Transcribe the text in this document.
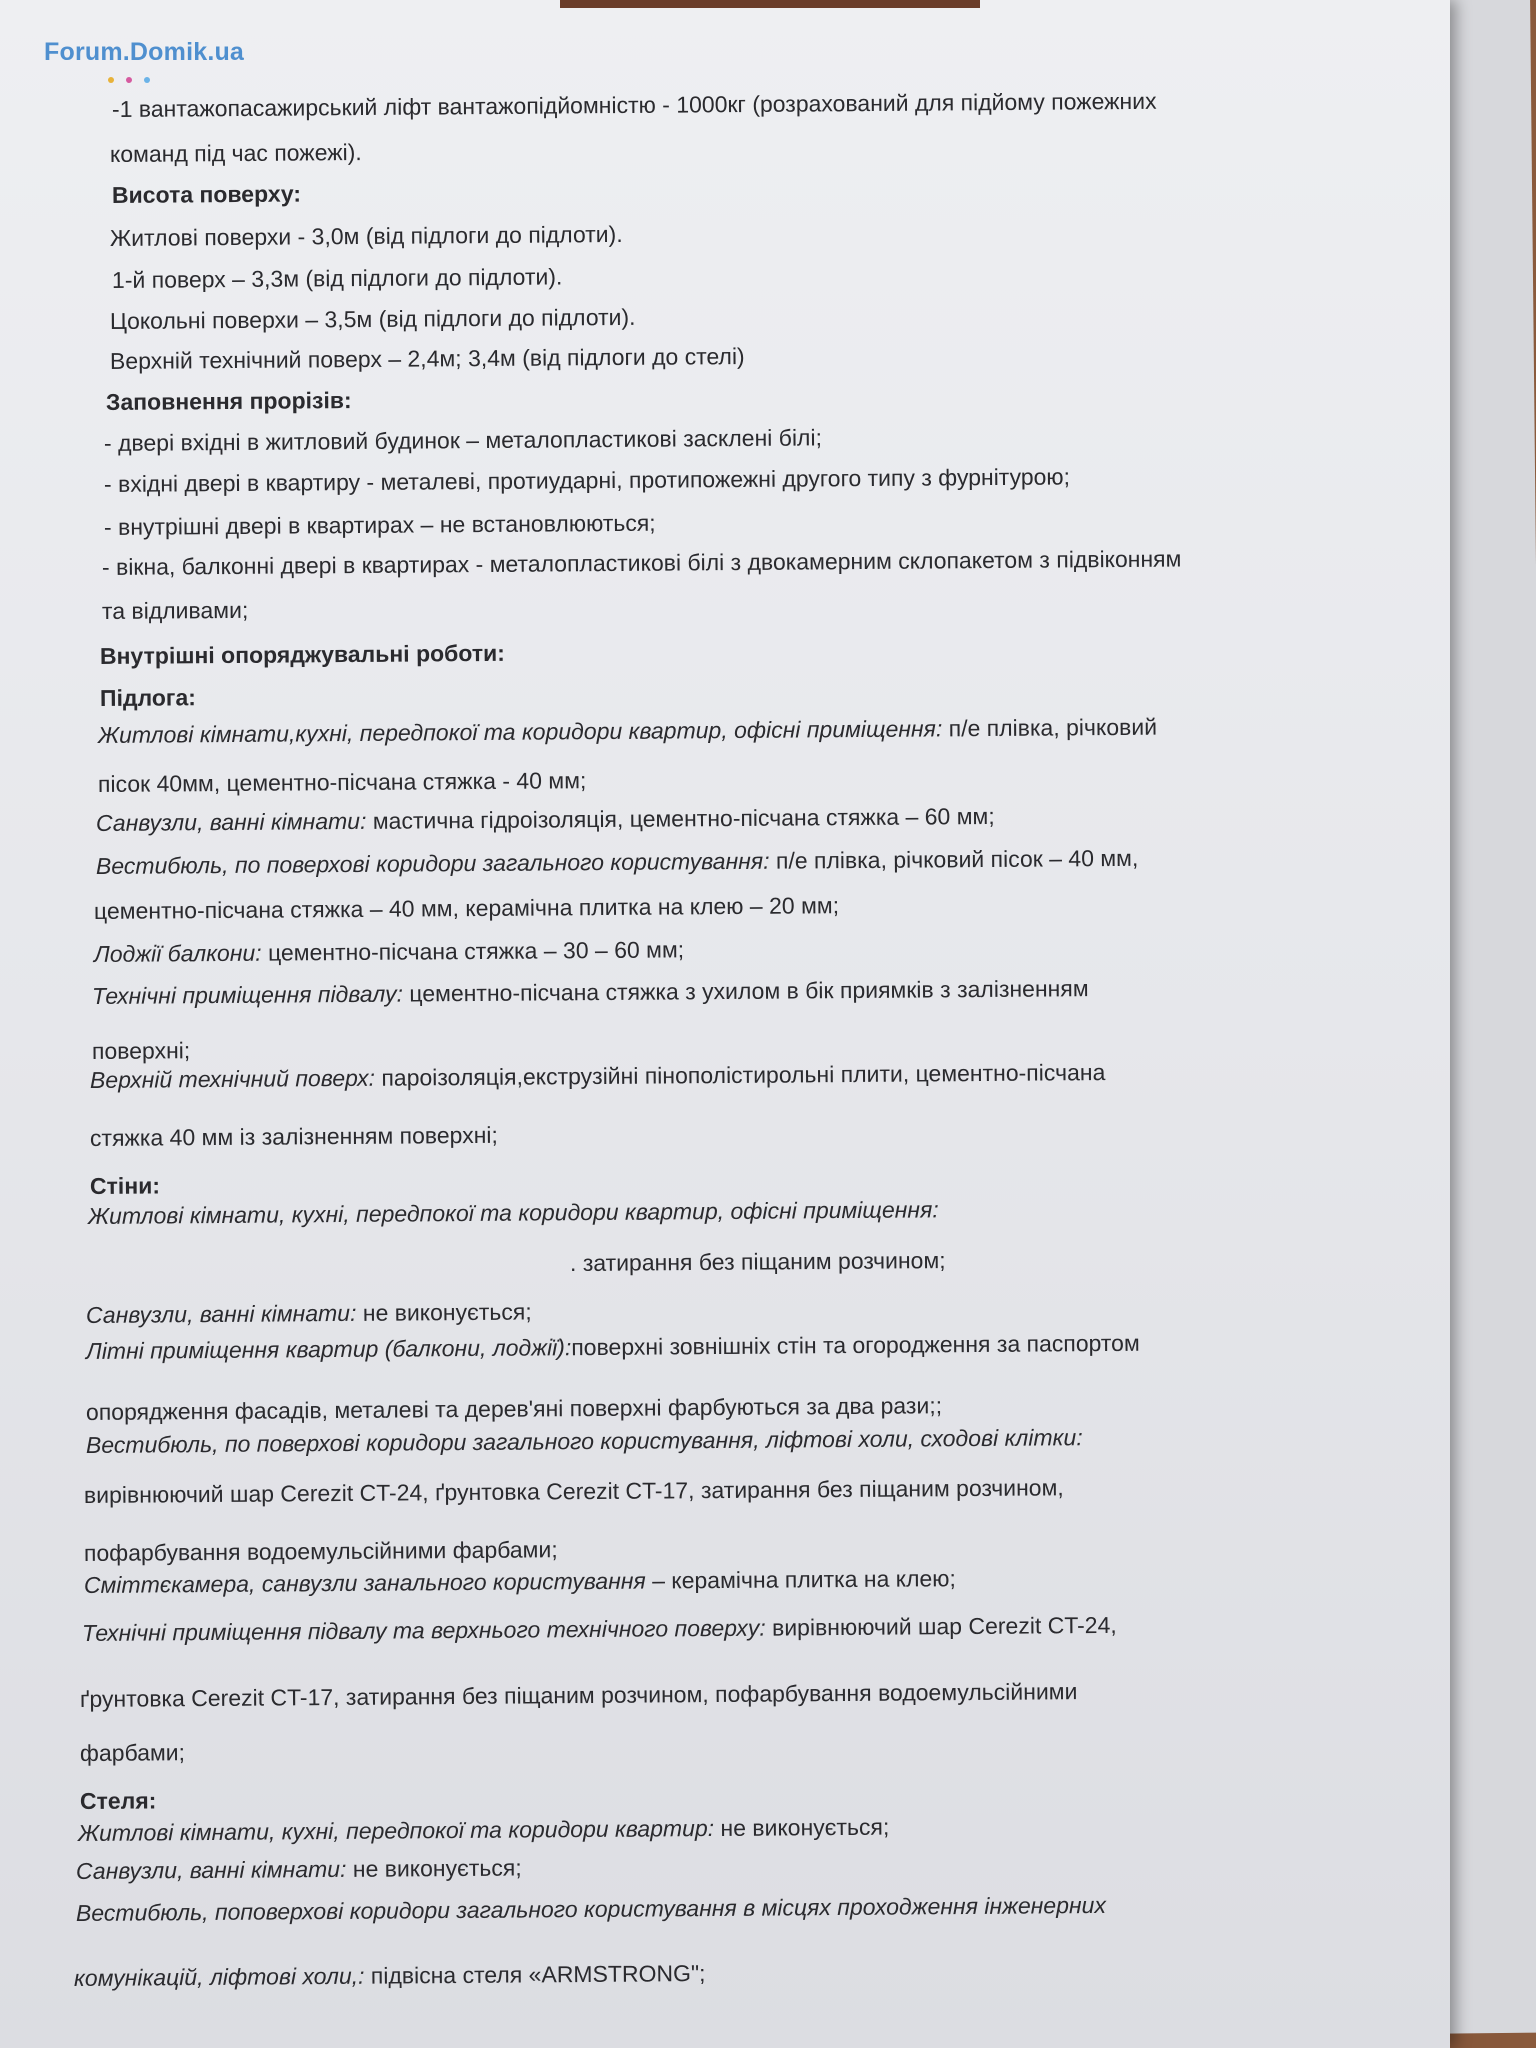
Forum.Domik.ua
-1 вантажопасажирський ліфт вантажопідйомністю - 1000кг (розрахований для підйому пожежних
команд під час пожежі).
Висота поверху:
Житлові поверхи - 3,0м (від підлоги до підлоти).
1-й поверх – 3,3м (від підлоги до підлоти).
Цокольні поверхи – 3,5м (від підлоги до підлоти).
Верхній технічний поверх – 2,4м; 3,4м (від підлоги до стелі)
Заповнення прорізів:
- двері вхідні в житловий будинок – металопластикові засклені білі;
- вхідні двері в квартиру - металеві, протиударні, протипожежні другого типу з фурнітурою;
- внутрішні двері в квартирах – не встановлюються;
- вікна, балконні двері в квартирах - металопластикові білі з двокамерним склопакетом з підвіконням
та відливами;
Внутрішні опоряджувальні роботи:
Підлога:
Житлові кімнати,кухні, передпокої та коридори квартир, офісні приміщення: п/е плівка, річковий
пісок 40мм, цементно-пісчана стяжка - 40 мм;
Санвузли, ванні кімнати: мастична гідроізоляція, цементно-пісчана стяжка – 60 мм;
Вестибюль, по поверхові коридори загального користування: п/е плівка, річковий пісок – 40 мм,
цементно-пісчана стяжка – 40 мм, керамічна плитка на клею – 20 мм;
Лоджії балкони: цементно-пісчана стяжка – 30 – 60 мм;
Технічні приміщення підвалу: цементно-пісчана стяжка з ухилом в бік приямків з залізненням
поверхні;
Верхній технічний поверх: пароізоляція,екструзійні пінополістирольні плити, цементно-пісчана
стяжка 40 мм із залізненням поверхні;
Стіни:
Житлові кімнати, кухні, передпокої та коридори квартир, офісні приміщення:
. затирання без піщаним розчином;
Санвузли, ванні кімнати: не виконується;
Літні приміщення квартир (балкони, лоджії):поверхні зовнішніх стін та огородження за паспортом
опорядження фасадів, металеві та дерев'яні поверхні фарбуються за два рази;;
Вестибюль, по поверхові коридори загального користування, ліфтові холи, сходові клітки:
вирівнюючий шар Cerezit CT-24, ґрунтовка Cerezit CT-17, затирання без піщаним розчином,
пофарбування водоемульсійними фарбами;
Сміттєкамера, санвузли занального користування – керамічна плитка на клею;
Технічні приміщення підвалу та верхнього технічного поверху: вирівнюючий шар Cerezit CT-24,
ґрунтовка Cerezit CT-17, затирання без піщаним розчином, пофарбування водоемульсійними
фарбами;
Стеля:
Житлові кімнати, кухні, передпокої та коридори квартир: не виконується;
Санвузли, ванні кімнати: не виконується;
Вестибюль, поповерхові коридори загального користування в місцях проходження інженерних
комунікацій, ліфтові холи,: підвісна стеля «ARMSTRONG";
